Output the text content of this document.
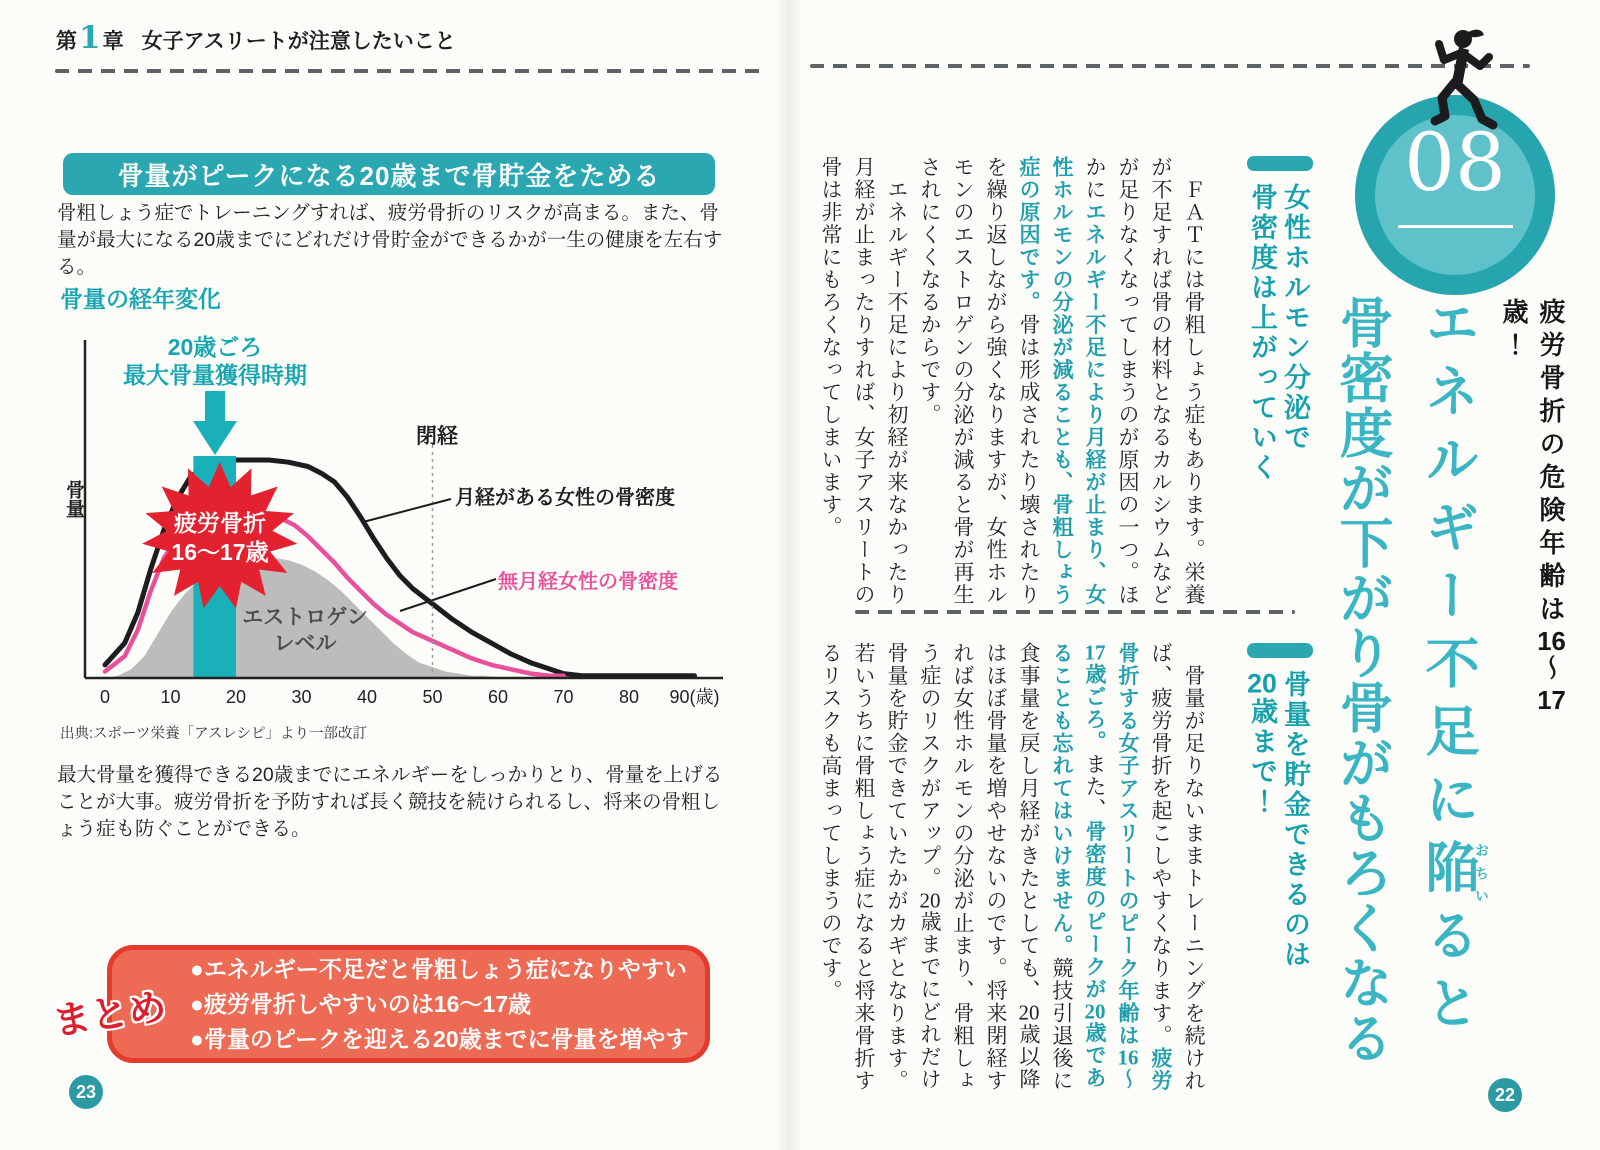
第 1 章 女子アスリートが注意したいこと
骨量がピークになる20歳まで骨貯金をためる

骨粗しょう症でトレーニングすれば、疲労骨折のリスクが高まる。また、骨量が最大になる20歳までにどれだけ骨貯金ができるかが一生の健康を左右する。

骨量の経年変化
0	10	20	30	40	50	60	70	80 90(歳)
骨量
20歳ごろ
最大骨量獲得時期
閉経
月経がある女性の骨密度
無月経女性の骨密度
エストロゲン
レベル
疲労骨折
16〜17歳
出典:スポーツ栄養「アスレシピ」より一部改訂

最大骨量を獲得できる20歳までにエネルギーをしっかりとり、骨量を上げることが大事。疲労骨折を予防すれば長く競技を続けられるし、将来の骨粗しょう症も防ぐことができる。

●エネルギー不足だと骨粗しょう症になりやすい
●疲労骨折しやすいのは16〜17歳
●骨量のピークを迎える20歳までに骨量を増やす
まとめ
23
08
疲労骨折の危険年齢は16〜17歳！
エネルギー不足に陥おちいると
骨密度が下がり骨がもろくなる
女性ホルモン分泌で
骨密度は上がっていく

　ＦＡＴには骨粗しょう症もあります。栄養が不足すれば骨の材料となるカルシウムなどが足りなくなってしまうのが原因の一つ。ほかにエネルギー不足により月経が止まり、女性ホルモンの分泌が減ることも、骨粗しょう症の原因です。骨は形成されたり壊されたりを繰り返しながら強くなりますが、女性ホルモンのエストロゲンの分泌が減ると骨が再生されにくくなるからです。

　エネルギー不足により初経が来なかったり月経が止まったりすれば、女子アスリートの骨は非常にもろくなってしまいます。

骨量を貯金できるのは
20歳まで！

　骨量が足りないままトレーニングを続ければ、疲労骨折を起こしやすくなります。疲労骨折する女子アスリートのピーク年齢は16〜17歳ごろ。また、骨密度のピークが20歳であることも忘れてはいけません。競技引退後に食事量を戻し月経がきたとしても、20歳以降はほぼ骨量を増やせないのです。将来閉経すれば女性ホルモンの分泌が止まり、骨粗しょう症のリスクがアップ。20歳までにどれだけ骨量を貯金できていたかがカギとなります。若いうちに骨粗しょう症になると将来骨折するリスクも高まってしまうのです。

22
